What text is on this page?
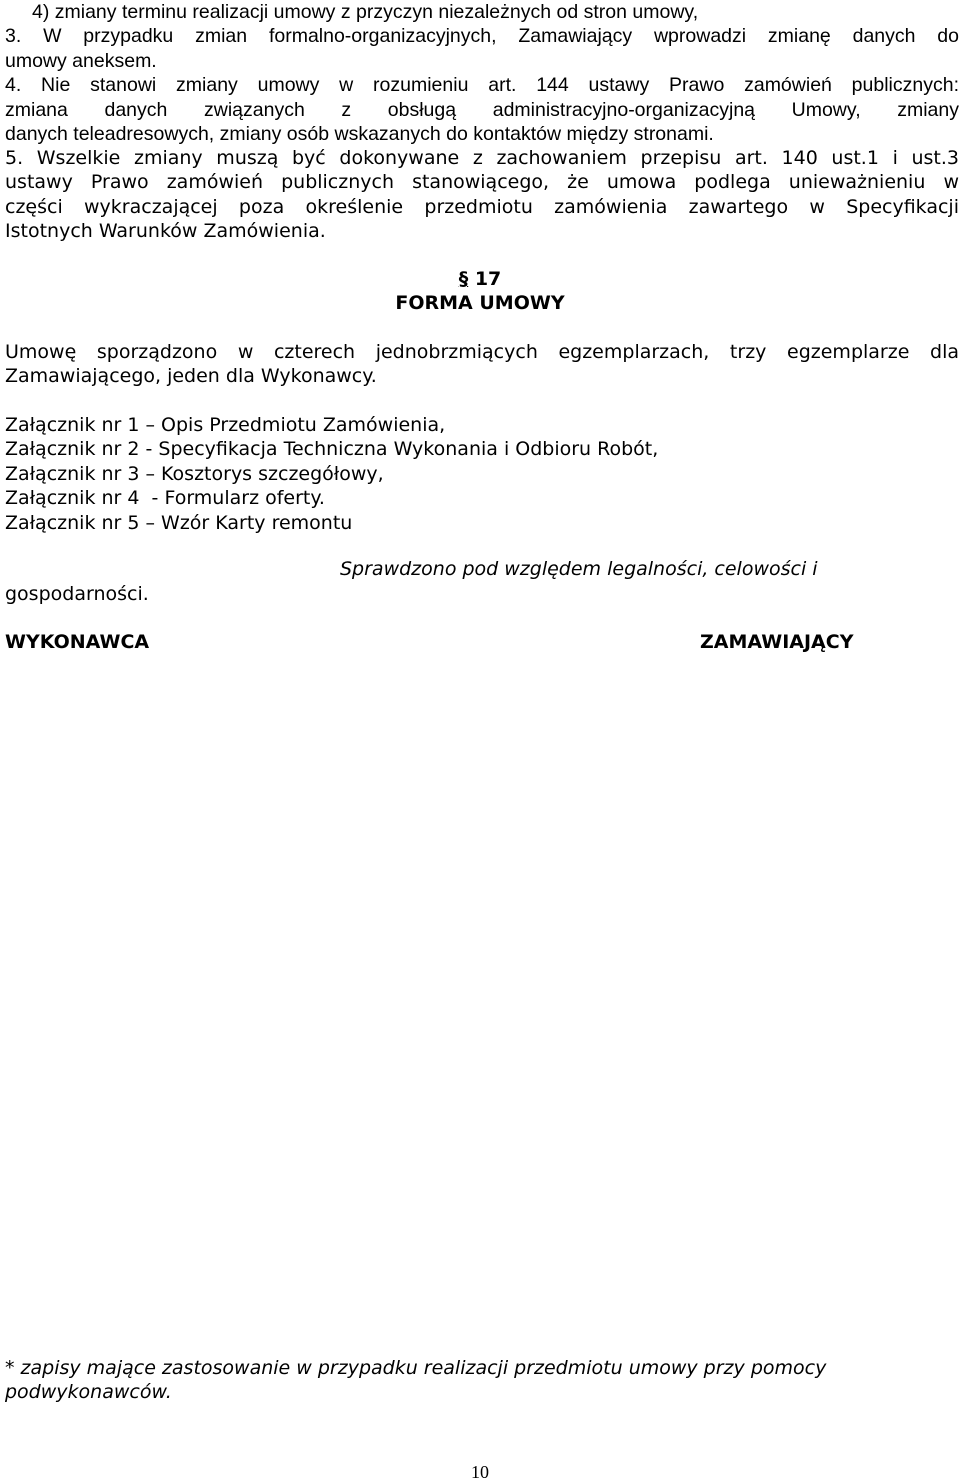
4) zmiany terminu realizacji umowy z przyczyn niezależnych od stron umowy,
3. W przypadku zmian formalno-organizacyjnych, Zamawiający wprowadzi zmianę danych do
umowy aneksem.
4. Nie stanowi zmiany umowy w rozumieniu art. 144 ustawy Prawo zamówień publicznych:
zmiana danych związanych z obsługą administracyjno-organizacyjną Umowy, zmiany
danych teleadresowych, zmiany osób wskazanych do kontaktów między stronami.
5. Wszelkie zmiany muszą być dokonywane z zachowaniem przepisu art. 140 ust.1 i ust.3
ustawy Prawo zamówień publicznych stanowiącego, że umowa podlega unieważnieniu w
części wykraczającej poza określenie przedmiotu zamówienia zawartego w Specyfikacji
Istotnych Warunków Zamówienia.
§ 17
FORMA UMOWY
Umowę sporządzono w czterech jednobrzmiących egzemplarzach, trzy egzemplarze dla
Zamawiającego, jeden dla Wykonawcy.
Załącznik nr 1 – Opis Przedmiotu Zamówienia,
Załącznik nr 2 - Specyfikacja Techniczna Wykonania i Odbioru Robót,
Załącznik nr 3 – Kosztorys szczegółowy,
Załącznik nr 4  - Formularz oferty.
Załącznik nr 5 – Wzór Karty remontu
Sprawdzono pod względem legalności, celowości i
gospodarności.
WYKONAWCA	ZAMAWIAJĄCY
* zapisy mające zastosowanie w przypadku realizacji przedmiotu umowy przy pomocy
podwykonawców.
10
